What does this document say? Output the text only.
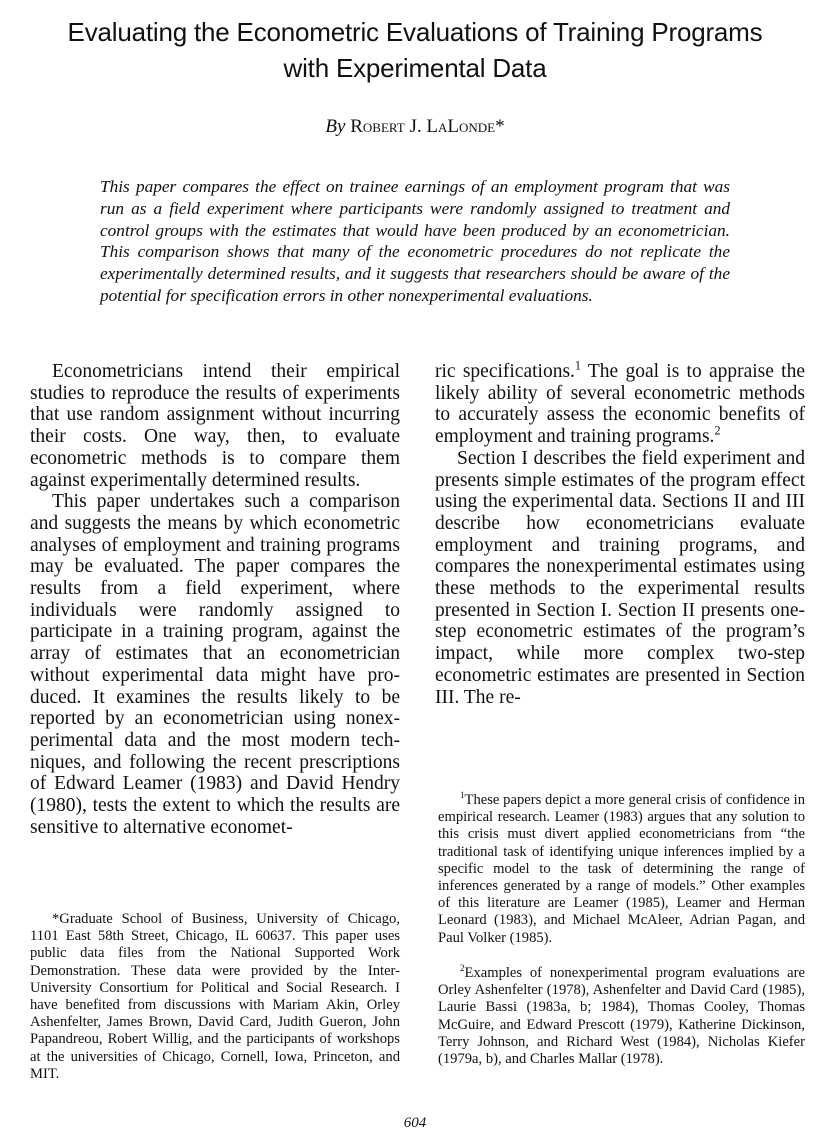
Evaluating the Econometric Evaluations of Training Programs
with Experimental Data
By Robert J. LaLonde*
This paper compares the effect on trainee earnings of an employment program that was run as a field experiment where participants were randomly assigned to treatment and control groups with the estimates that would have been produced by an econometrician. This comparison shows that many of the econometric procedures do not replicate the experimentally determined results, and it suggests that researchers should be aware of the potential for specification errors in other nonexperimental evaluations.

Econometricians intend their empirical studies to reproduce the results of experiments that use random assignment without incurring their costs. One way, then, to evaluate econometric methods is to compare them against experimentally determined results.

This paper undertakes such a comparison and suggests the means by which econometric analyses of employment and training programs may be evaluated. The paper compares the results from a field experiment, where individuals were randomly assigned to participate in a training program, against the array of estimates that an econometrician without experimental data might have produced. It examines the results likely to be reported by an econometrician using nonexperimental data and the most modern techniques, and following the recent prescriptions of Edward Leamer (1983) and David Hendry (1980), tests the extent to which the results are sensitive to alternative economet-

ric specifications.$^1$ The goal is to appraise the likely ability of several econometric methods to accurately assess the economic benefits of employment and training programs.$^2$

Section I describes the field experiment and presents simple estimates of the program effect using the experimental data. Sections II and III describe how econometricians evaluate employment and training programs, and compares the nonexperimental estimates using these methods to the experimental results presented in Section I. Section II presents one-step econometric estimates of the program’s impact, while more complex two-step econometric estimates are presented in Section III. The re-

*Graduate School of Business, University of Chicago, 1101 East 58th Street, Chicago, IL 60637. This paper uses public data files from the National Supported Work Demonstration. These data were provided by the Inter-University Consortium for Political and Social Research. I have benefited from discussions with Mariam Akin, Orley Ashenfelter, James Brown, David Card, Judith Gueron, John Papandreou, Robert Willig, and the participants of workshops at the universities of Chicago, Cornell, Iowa, Princeton, and MIT.

$^1$These papers depict a more general crisis of confidence in empirical research. Leamer (1983) argues that any solution to this crisis must divert applied econometricians from “the traditional task of identifying unique inferences implied by a specific model to the task of determining the range of inferences generated by a range of models.” Other examples of this literature are Leamer (1985), Leamer and Herman Leonard (1983), and Michael McAleer, Adrian Pagan, and Paul Volker (1985).

$^2$Examples of nonexperimental program evaluations are Orley Ashenfelter (1978), Ashenfelter and David Card (1985), Laurie Bassi (1983a, b; 1984), Thomas Cooley, Thomas McGuire, and Edward Prescott (1979), Katherine Dickinson, Terry Johnson, and Richard West (1984), Nicholas Kiefer (1979a, b), and Charles Mallar (1978).

604
